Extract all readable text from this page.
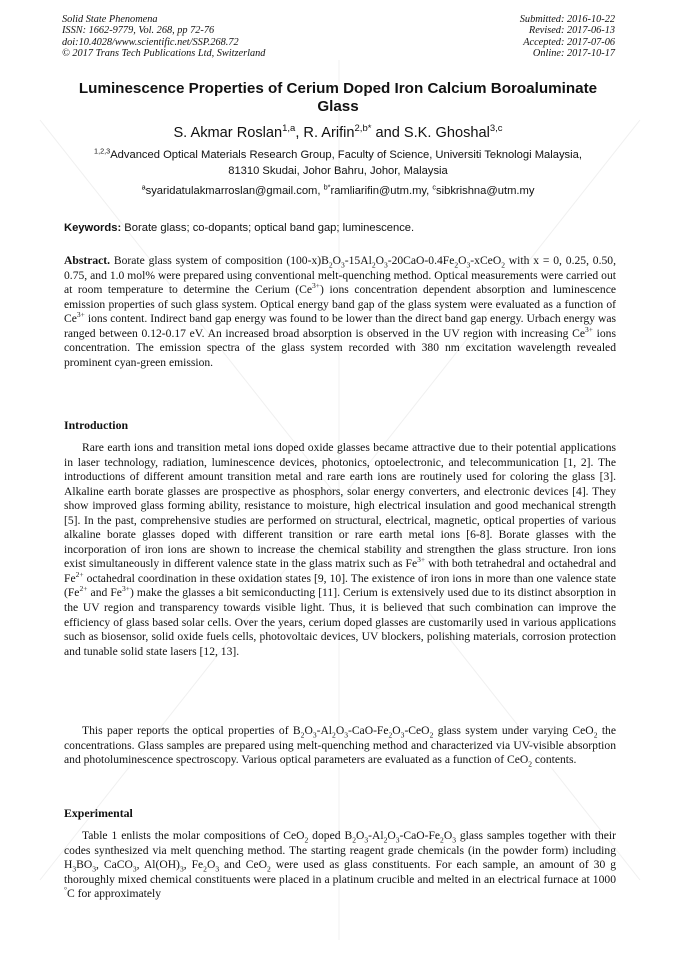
Solid State Phenomena
ISSN: 1662-9779, Vol. 268, pp 72-76
doi:10.4028/www.scientific.net/SSP.268.72
© 2017 Trans Tech Publications Ltd, Switzerland
Submitted: 2016-10-22
Revised: 2017-06-13
Accepted: 2017-07-06
Online: 2017-10-17
Luminescence Properties of Cerium Doped Iron Calcium Boroaluminate Glass
S. Akmar Roslan$^{1,a}$, R. Arifin$^{2,b*}$ and S.K. Ghoshal$^{3,c}$
$^{1,2,3}$Advanced Optical Materials Research Group, Faculty of Science, Universiti Teknologi Malaysia,
81310 Skudai, Johor Bahru, Johor, Malaysia
$^a$syaridatulakmarroslan@gmail.com, $^{b*}$ramliarifin@utm.my, $^c$sibkrishna@utm.my
Keywords: Borate glass; co-dopants; optical band gap; luminescence.
Abstract. Borate glass system of composition $(100-x)B_2O_3-15Al_2O_3-20CaO-0.4Fe_2O_3-xCeO_2$ with x = 0, 0.25, 0.50, 0.75, and 1.0 mol% were prepared using conventional melt-quenching method. Optical measurements were carried out at room temperature to determine the Cerium $(Ce^{3+})$ ions concentration dependent absorption and luminescence emission properties of such glass system. Optical energy band gap of the glass system were evaluated as a function of $Ce^{3+}$ ions content. Indirect band gap energy was found to be lower than the direct band gap energy. Urbach energy was ranged between 0.12-0.17 eV. An increased broad absorption is observed in the UV region with increasing $Ce^{3+}$ ions concentration. The emission spectra of the glass system recorded with 380 nm excitation wavelength revealed prominent cyan-green emission.
Introduction
Rare earth ions and transition metal ions doped oxide glasses became attractive due to their potential applications in laser technology, radiation, luminescence devices, photonics, optoelectronic, and telecommunication [1, 2]. The introductions of different amount transition metal and rare earth ions are routinely used for coloring the glass [3]. Alkaline earth borate glasses are prospective as phosphors, solar energy converters, and electronic devices [4]. They show improved glass forming ability, resistance to moisture, high electrical insulation and good mechanical strength [5]. In the past, comprehensive studies are performed on structural, electrical, magnetic, optical properties of various alkaline borate glasses doped with different transition or rare earth metal ions [6-8]. Borate glasses with the incorporation of iron ions are shown to increase the chemical stability and strengthen the glass structure. Iron ions exist simultaneously in different valence state in the glass matrix such as $Fe^{3+}$ with both tetrahedral and octahedral and $Fe^{2+}$ octahedral coordination in these oxidation states [9, 10]. The existence of iron ions in more than one valence state ($Fe^{2+}$ and $Fe^{3+}$) make the glasses a bit semiconducting [11]. Cerium is extensively used due to its distinct absorption in the UV region and transparency towards visible light. Thus, it is believed that such combination can improve the efficiency of glass based solar cells. Over the years, cerium doped glasses are customarily used in various applications such as biosensor, solid oxide fuels cells, photovoltaic devices, UV blockers, polishing materials, corrosion protection and tunable solid state lasers [12, 13].
This paper reports the optical properties of $B_2O_3-Al_2O_3-CaO-Fe_2O_3-CeO_2$ glass system under varying CeO$_2$ the concentrations. Glass samples are prepared using melt-quenching method and characterized via UV-visible absorption and photoluminescence spectroscopy. Various optical parameters are evaluated as a function of CeO$_2$ contents.
Experimental
Table 1 enlists the molar compositions of CeO$_2$ doped $B_2O_3-Al_2O_3-CaO-Fe_2O_3$ glass samples together with their codes synthesized via melt quenching method. The starting reagent grade chemicals (in the powder form) including $H_3BO_3$, CaCO$_3$, $Al(OH)_3$, $Fe_2O_3$ and CeO$_2$ were used as glass constituents. For each sample, an amount of 30 g thoroughly mixed chemical constituents were placed in a platinum crucible and melted in an electrical furnace at 1000 °C for approximately
